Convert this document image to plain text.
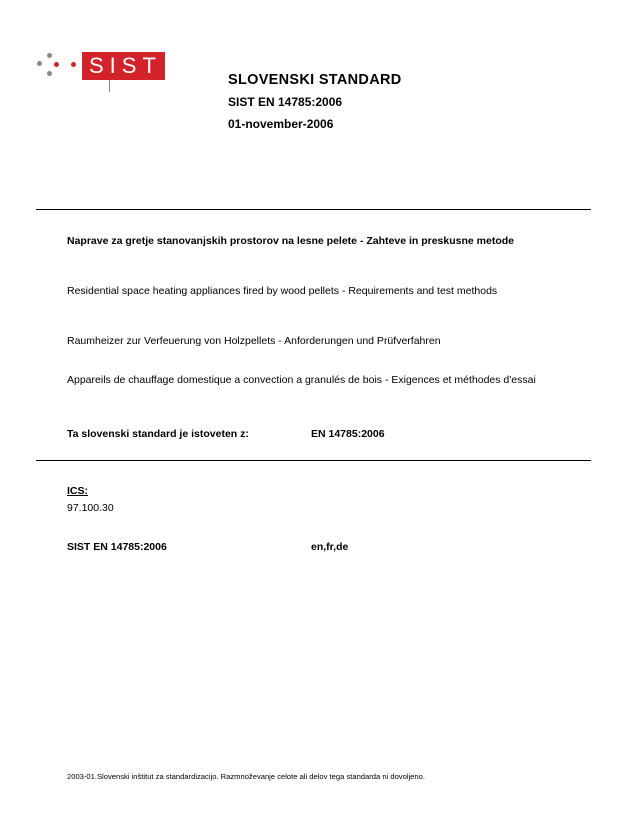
SIST
SLOVENSKI STANDARD
SIST EN 14785:2006
01-november-2006
Naprave za gretje stanovanjskih prostorov na lesne pelete - Zahteve in preskusne metode
Residential space heating appliances fired by wood pellets - Requirements and test methods
Raumheizer zur Verfeuerung von Holzpellets - Anforderungen und Prüfverfahren
Appareils de chauffage domestique a convection a granulés de bois - Exigences et méthodes d'essai
Ta slovenski standard je istoveten z:	EN 14785:2006
ICS:
97.100.30
SIST EN 14785:2006	en,fr,de
2003-01.Slovenski inštitut za standardizacijo. Razmnoževanje celote ali delov tega standarda ni dovoljeno.
